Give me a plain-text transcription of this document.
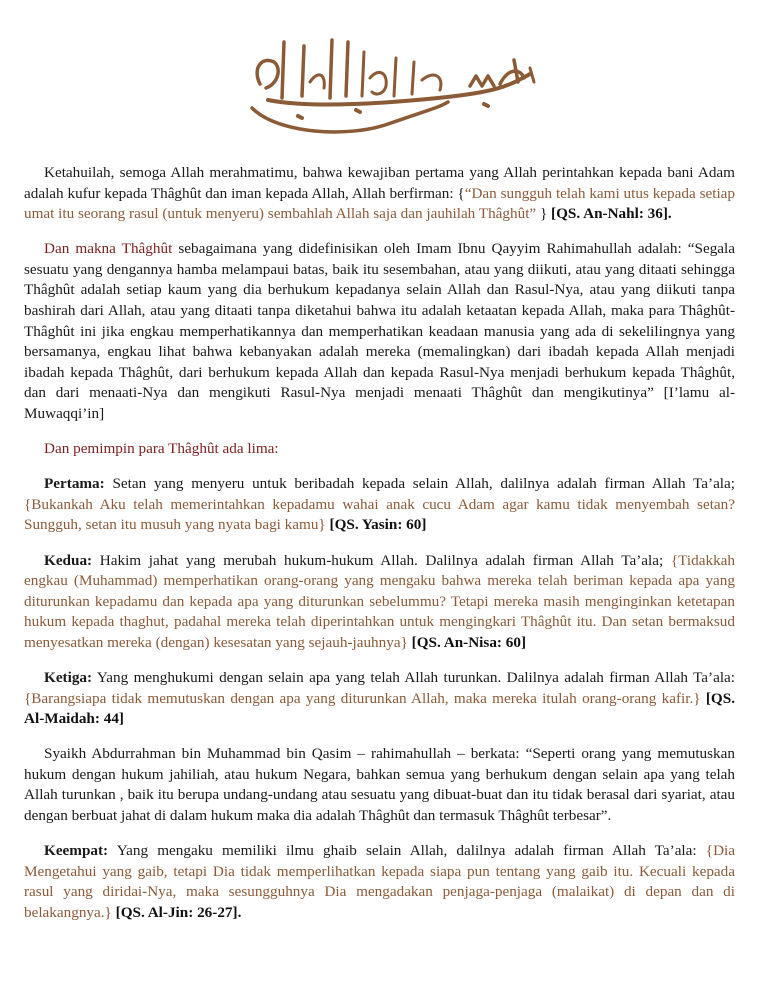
Ketahuilah, semoga Allah merahmatimu, bahwa kewajiban pertama yang Allah perintahkan kepada bani Adam adalah kufur kepada Thâghût dan iman kepada Allah, Allah berfirman: {“Dan sungguh telah kami utus kepada setiap umat itu seorang rasul (untuk menyeru) sembahlah Allah saja dan jauhilah Thâghût” } [QS. An-Nahl: 36].

Dan makna Thâghût sebagaimana yang didefinisikan oleh Imam Ibnu Qayyim Rahimahullah adalah: “Segala sesuatu yang dengannya hamba melampaui batas, baik itu sesembahan, atau yang diikuti, atau yang ditaati sehingga Thâghût adalah setiap kaum yang dia berhukum kepadanya selain Allah dan Rasul-Nya, atau yang diikuti tanpa bashirah dari Allah, atau yang ditaati tanpa diketahui bahwa itu adalah ketaatan kepada Allah, maka para Thâghût-Thâghût ini jika engkau memperhatikannya dan memperhatikan keadaan manusia yang ada di sekelilingnya yang bersamanya, engkau lihat bahwa kebanyakan adalah mereka (memalingkan) dari ibadah kepada Allah menjadi ibadah kepada Thâghût, dari berhukum kepada Allah dan kepada Rasul-Nya menjadi berhukum kepada Thâghût, dan dari menaati-Nya dan mengikuti Rasul-Nya menjadi menaati Thâghût dan mengikutinya” [I’lamu al-Muwaqqi’in]

Dan pemimpin para Thâghût ada lima:

Pertama: Setan yang menyeru untuk beribadah kepada selain Allah, dalilnya adalah firman Allah Ta’ala; {Bukankah Aku telah memerintahkan kepadamu wahai anak cucu Adam agar kamu tidak menyembah setan? Sungguh, setan itu musuh yang nyata bagi kamu} [QS. Yasin: 60]

Kedua: Hakim jahat yang merubah hukum-hukum Allah. Dalilnya adalah firman Allah Ta’ala; {Tidakkah engkau (Muhammad) memperhatikan orang-orang yang mengaku bahwa mereka telah beriman kepada apa yang diturunkan kepadamu dan kepada apa yang diturunkan sebelummu? Tetapi mereka masih menginginkan ketetapan hukum kepada thaghut, padahal mereka telah diperintahkan untuk mengingkari Thâghût itu. Dan setan bermaksud menyesatkan mereka (dengan) kesesatan yang sejauh-jauhnya} [QS. An-Nisa: 60]

Ketiga: Yang menghukumi dengan selain apa yang telah Allah turunkan. Dalilnya adalah firman Allah Ta’ala: {Barangsiapa tidak memutuskan dengan apa yang diturunkan Allah, maka mereka itulah orang-orang kafir.} [QS. Al-Maidah: 44]

Syaikh Abdurrahman bin Muhammad bin Qasim – rahimahullah – berkata: “Seperti orang yang memutuskan hukum dengan hukum jahiliah, atau hukum Negara, bahkan semua yang berhukum dengan selain apa yang telah Allah turunkan , baik itu berupa undang-undang atau sesuatu yang dibuat-buat dan itu tidak berasal dari syariat, atau dengan berbuat jahat di dalam hukum maka dia adalah Thâghût dan termasuk Thâghût terbesar”.

Keempat: Yang mengaku memiliki ilmu ghaib selain Allah, dalilnya adalah firman Allah Ta’ala: {Dia Mengetahui yang gaib, tetapi Dia tidak memperlihatkan kepada siapa pun tentang yang gaib itu. Kecuali kepada rasul yang diridai-Nya, maka sesungguhnya Dia mengadakan penjaga-penjaga (malaikat) di depan dan di belakangnya.} [QS. Al-Jin: 26-27].
